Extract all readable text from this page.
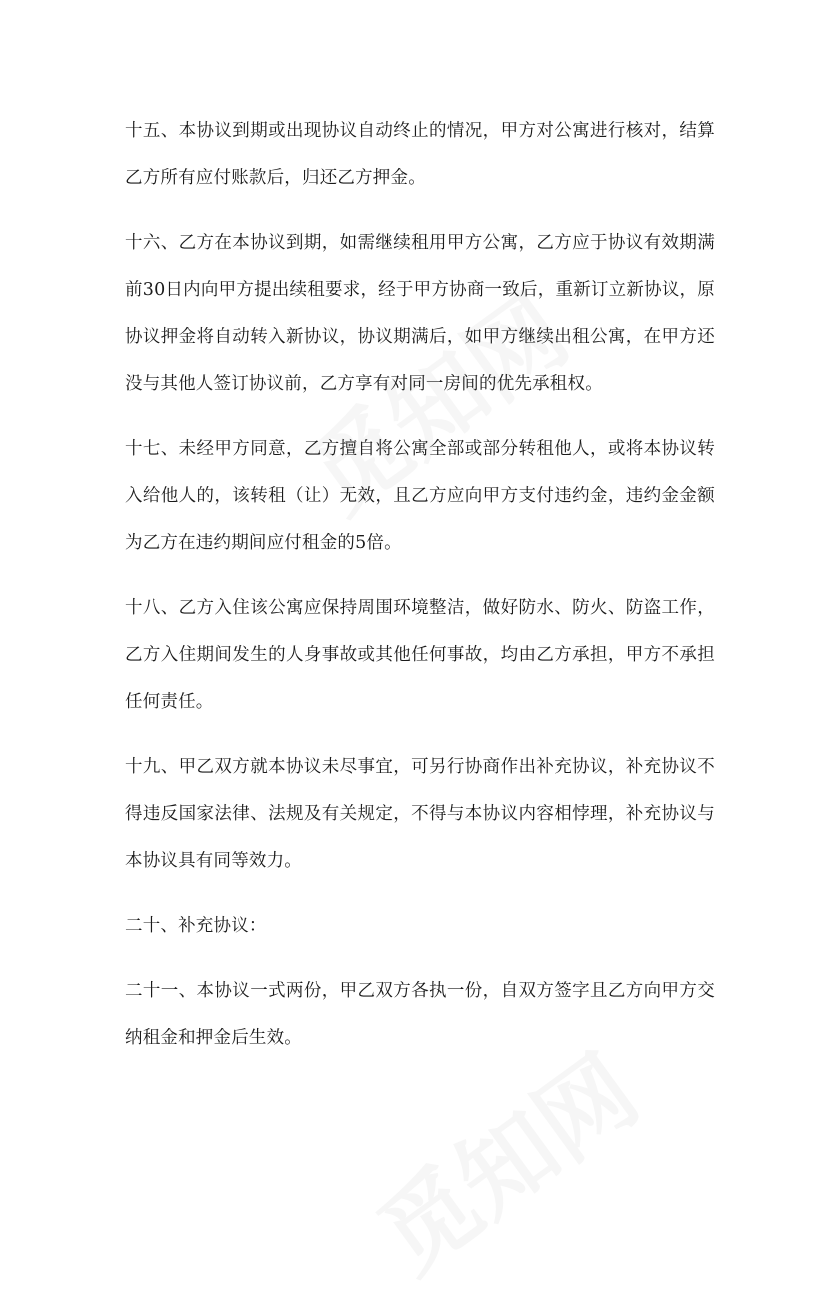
十五、本协议到期或出现协议自动终止的情况，甲方对公寓进行核对，结算乙方所有应付账款后，归还乙方押金。

十六、乙方在本协议到期，如需继续租用甲方公寓，乙方应于协议有效期满前30日内向甲方提出续租要求，经于甲方协商一致后，重新订立新协议，原协议押金将自动转入新协议，协议期满后，如甲方继续出租公寓，在甲方还没与其他人签订协议前，乙方享有对同一房间的优先承租权。

十七、未经甲方同意，乙方擅自将公寓全部或部分转租他人，或将本协议转入给他人的，该转租（让）无效，且乙方应向甲方支付违约金，违约金金额为乙方在违约期间应付租金的5倍。

十八、乙方入住该公寓应保持周围环境整洁，做好防水、防火、防盗工作，乙方入住期间发生的人身事故或其他任何事故，均由乙方承担，甲方不承担任何责任。

十九、甲乙双方就本协议未尽事宜，可另行协商作出补充协议，补充协议不得违反国家法律、法规及有关规定，不得与本协议内容相悖理，补充协议与本协议具有同等效力。

二十、补充协议：

二十一、本协议一式两份，甲乙双方各执一份，自双方签字且乙方向甲方交纳租金和押金后生效。
